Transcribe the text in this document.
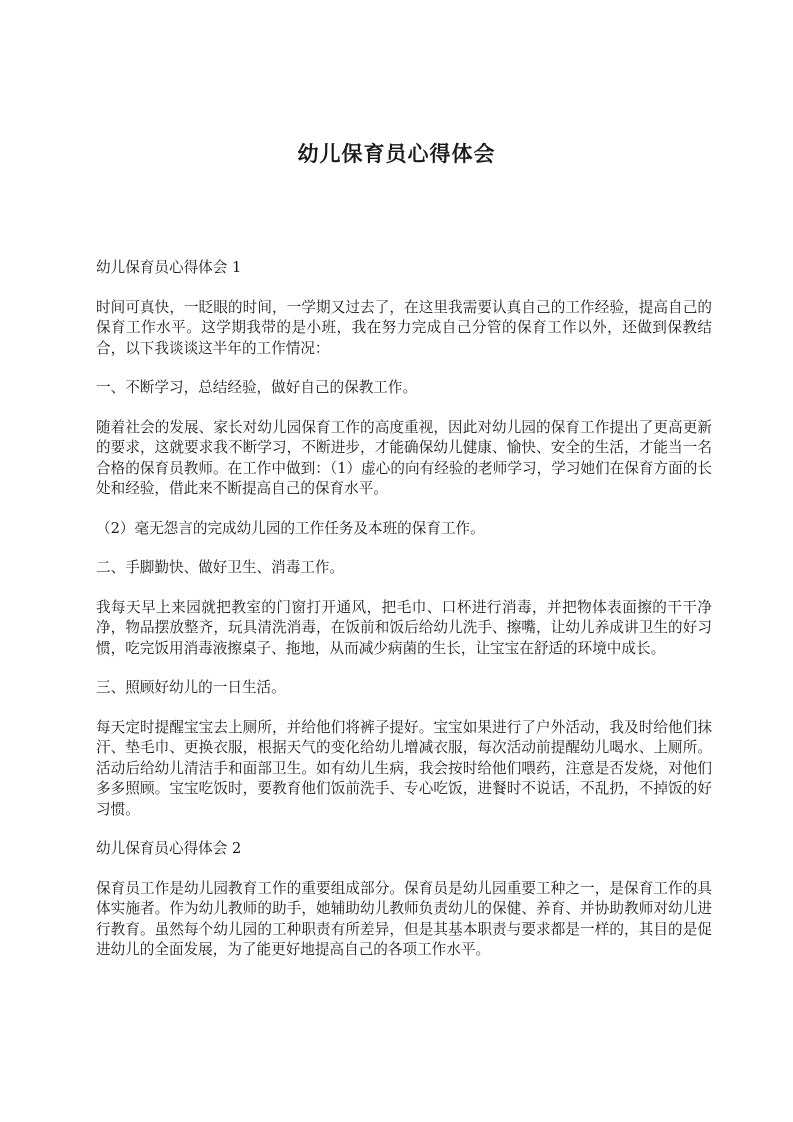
幼儿保育员心得体会

幼儿保育员心得体会 1

时间可真快，一眨眼的时间，一学期又过去了，在这里我需要认真自己的工作经验，提高自己的保育工作水平。这学期我带的是小班，我在努力完成自己分管的保育工作以外，还做到保教结合，以下我谈谈这半年的工作情况：

一、不断学习，总结经验，做好自己的保教工作。

随着社会的发展、家长对幼儿园保育工作的高度重视，因此对幼儿园的保育工作提出了更高更新的要求，这就要求我不断学习，不断进步，才能确保幼儿健康、愉快、安全的生活，才能当一名合格的保育员教师。在工作中做到：（1）虚心的向有经验的老师学习，学习她们在保育方面的长处和经验，借此来不断提高自己的保育水平。

（2）毫无怨言的完成幼儿园的工作任务及本班的保育工作。

二、手脚勤快、做好卫生、消毒工作。

我每天早上来园就把教室的门窗打开通风，把毛巾、口杯进行消毒，并把物体表面擦的干干净净，物品摆放整齐，玩具清洗消毒，在饭前和饭后给幼儿洗手、擦嘴，让幼儿养成讲卫生的好习惯，吃完饭用消毒液擦桌子、拖地，从而减少病菌的生长，让宝宝在舒适的环境中成长。

三、照顾好幼儿的一日生活。

每天定时提醒宝宝去上厕所，并给他们将裤子提好。宝宝如果进行了户外活动，我及时给他们抹汗、垫毛巾、更换衣服，根据天气的变化给幼儿增减衣服，每次活动前提醒幼儿喝水、上厕所。活动后给幼儿清洁手和面部卫生。如有幼儿生病，我会按时给他们喂药，注意是否发烧，对他们多多照顾。宝宝吃饭时，要教育他们饭前洗手、专心吃饭，进餐时不说话，不乱扔，不掉饭的好习惯。

幼儿保育员心得体会 2

保育员工作是幼儿园教育工作的重要组成部分。保育员是幼儿园重要工种之一，是保育工作的具体实施者。作为幼儿教师的助手，她辅助幼儿教师负责幼儿的保健、养育、并协助教师对幼儿进行教育。虽然每个幼儿园的工种职责有所差异，但是其基本职责与要求都是一样的，其目的是促进幼儿的全面发展，为了能更好地提高自己的各项工作水平。
